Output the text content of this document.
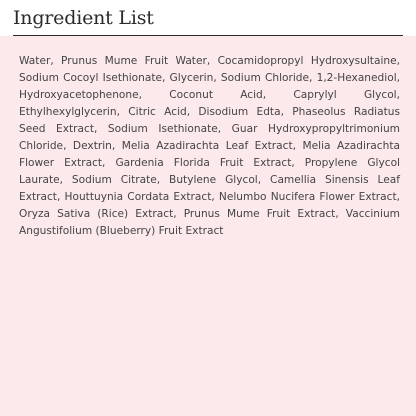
Ingredient List

Water, Prunus Mume Fruit Water, Cocamidopropyl Hydroxysultaine, Sodium Cocoyl Isethionate, Glycerin, Sodium Chloride, 1,2-Hexanediol, Hydroxyacetophenone, Coconut Acid, Caprylyl Glycol, Ethylhexylglycerin, Citric Acid, Disodium Edta, Phaseolus Radiatus Seed Extract, Sodium Isethionate, Guar Hydroxypropyltrimonium Chloride, Dextrin, Melia Azadirachta Leaf Extract, Melia Azadirachta Flower Extract, Gardenia Florida Fruit Extract, Propylene Glycol Laurate, Sodium Citrate, Butylene Glycol, Camellia Sinensis Leaf Extract, Houttuynia Cordata Extract, Nelumbo Nucifera Flower Extract, Oryza Sativa (Rice) Extract, Prunus Mume Fruit Extract, Vaccinium Angustifolium (Blueberry) Fruit Extract
